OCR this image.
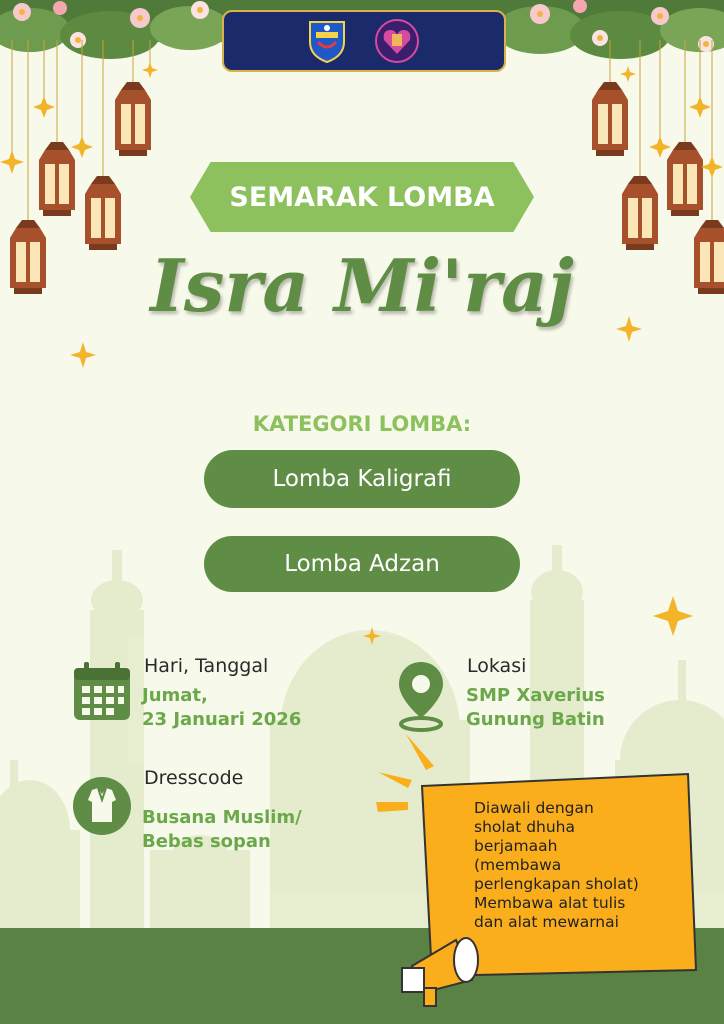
SEMARAK LOMBA
Isra Mi'raj
KATEGORI LOMBA:
Lomba Kaligrafi
Lomba Adzan
Hari, Tanggal
Jumat,
23 Januari 2026
Lokasi
SMP Xaverius
Gunung Batin
Dresscode
Busana Muslim/
Bebas sopan
Diawali dengan
sholat dhuha
berjamaah
(membawa
perlengkapan sholat)
Membawa alat tulis
dan alat mewarnai
